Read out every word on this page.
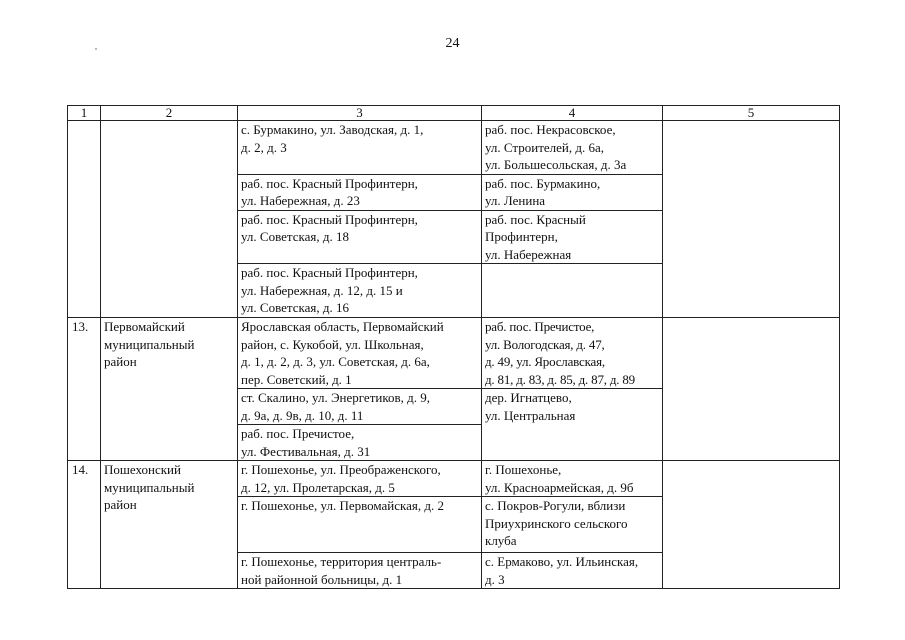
24
1	2	3	4	5

		с. Бурмакино, ул. Заводская, д. 1,
д. 2, д. 3	раб. пос. Некрасовское,
ул. Строителей, д. 6а,
ул. Большесольская, д. 3а	

		раб. пос. Красный Профинтерн,
ул. Набережная, д. 23	раб. пос. Бурмакино,
ул. Ленина	

		раб. пос. Красный Профинтерн,
ул. Советская, д. 18	раб. пос. Красный
Профинтерн,
ул. Набережная	

		раб. пос. Красный Профинтерн,
ул. Набережная, д. 12, д. 15 и
ул. Советская, д. 16		

13.	Первомайский
муниципальный
район	Ярославская область, Первомайский
район, с. Кукобой, ул. Школьная,
д. 1, д. 2, д. 3, ул. Советская, д. 6а,
пер. Советский, д. 1	раб. пос. Пречистое,
ул. Вологодская, д. 47,
д. 49, ул. Ярославская,
д. 81, д. 83, д. 85, д. 87, д. 89	

		ст. Скалино, ул. Энергетиков, д. 9,
д. 9а, д. 9в, д. 10, д. 11	дер. Игнатцево,
ул. Центральная	

		раб. пос. Пречистое,
ул. Фестивальная, д. 31		

14.	Пошехонский
муниципальный
район	г. Пошехонье, ул. Преображенского,
д. 12, ул. Пролетарская, д. 5	г. Пошехонье,
ул. Красноармейская, д. 9б	

		г. Пошехонье, ул. Первомайская, д. 2	с. Покров-Рогули, вблизи
Приухринского сельского
клуба	

		г. Пошехонье, территория централь-
ной районной больницы, д. 1	с. Ермаково, ул. Ильинская,
д. 3	
